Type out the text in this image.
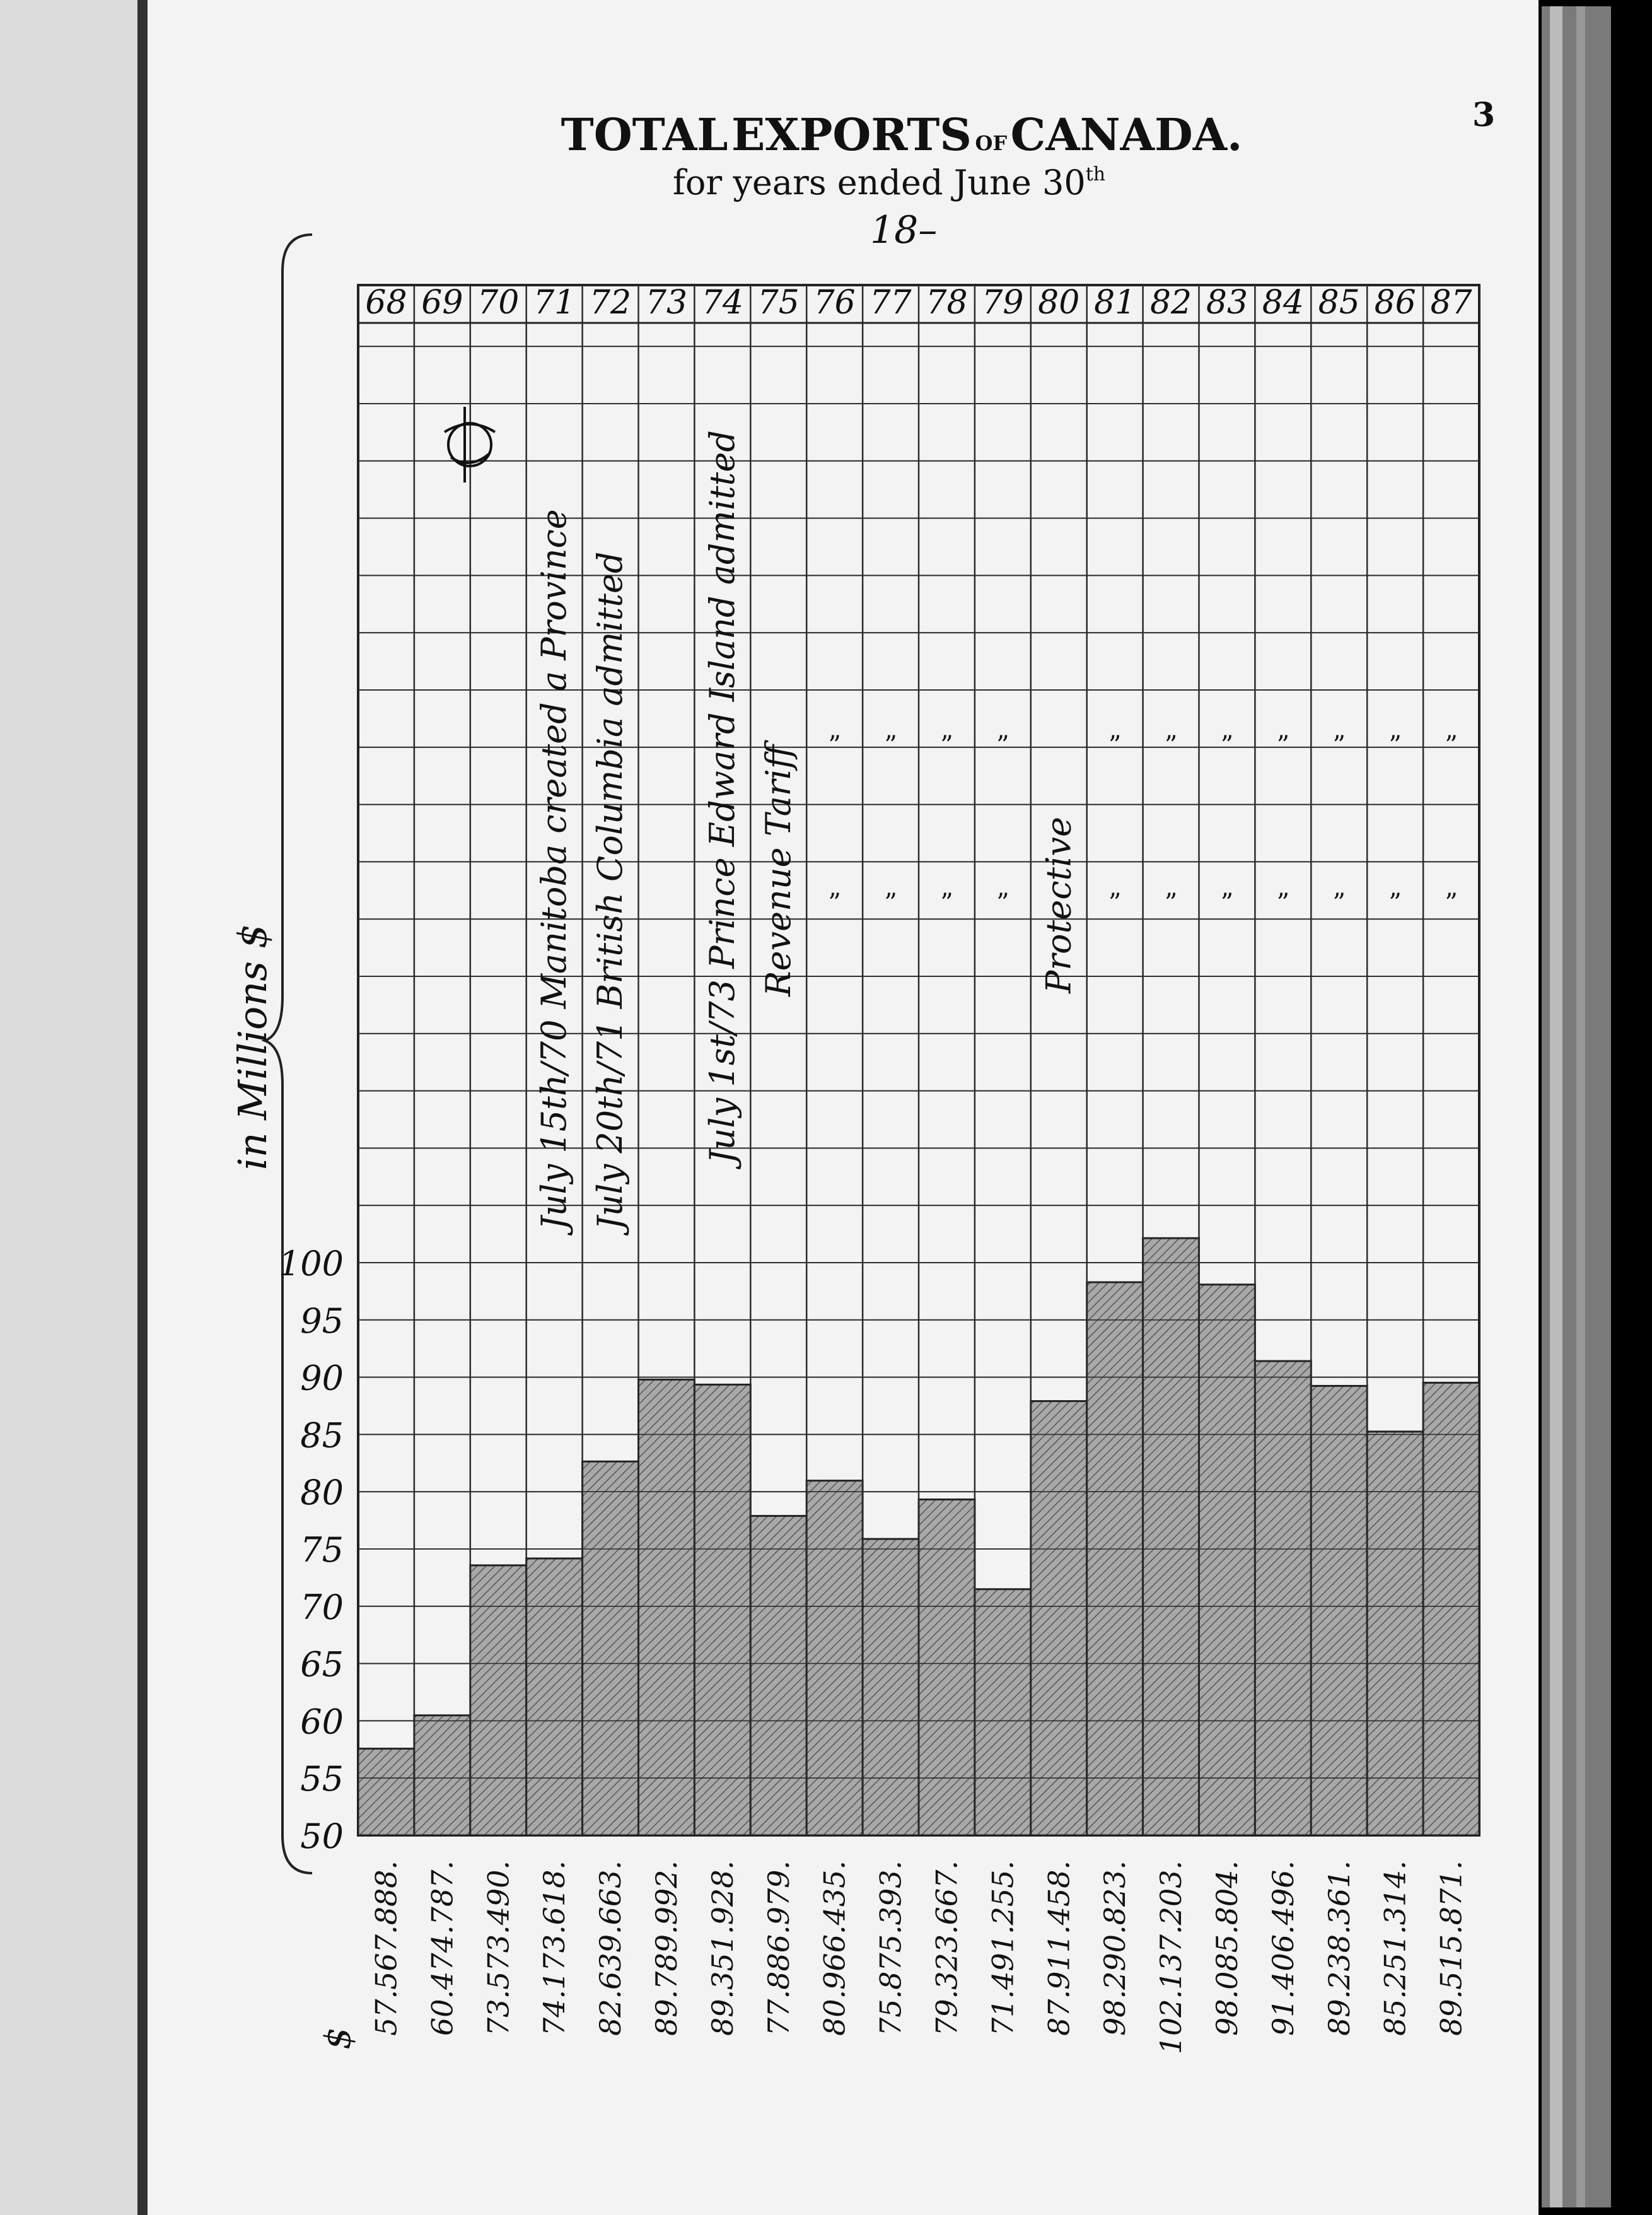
3
TOTAL EXPORTS OF CANADA.
for years ended June 30th
18–
in Millions $
68 69 70 71 72 73 74 75 76 77 78 79 80 81 82 83 84 85 86 87
50
55
60
65
70
75
80
85
90
95
100
57.567.888. 60.474.787. 73.573.490. 74.173.618. 82.639.663. 89.789.992. 89.351.928. 77.886.979. 80.966.435. 75.875.393. 79.323.667. 71.491.255. 87.911.458. 98.290.823. 102.137.203. 98.085.804. 91.406.496. 89.238.361. 85.251.314. 89.515.871.
July 15th/70 Manitoba created a Province July 20th/71 British Columbia admitted July 1st/73 Prince Edward Island admitted Revenue Tariff	Protective
”
”
”
”
”
”
”
”
”
”
”
”
”
”
”
”
”
”
”
”
”
”
$
